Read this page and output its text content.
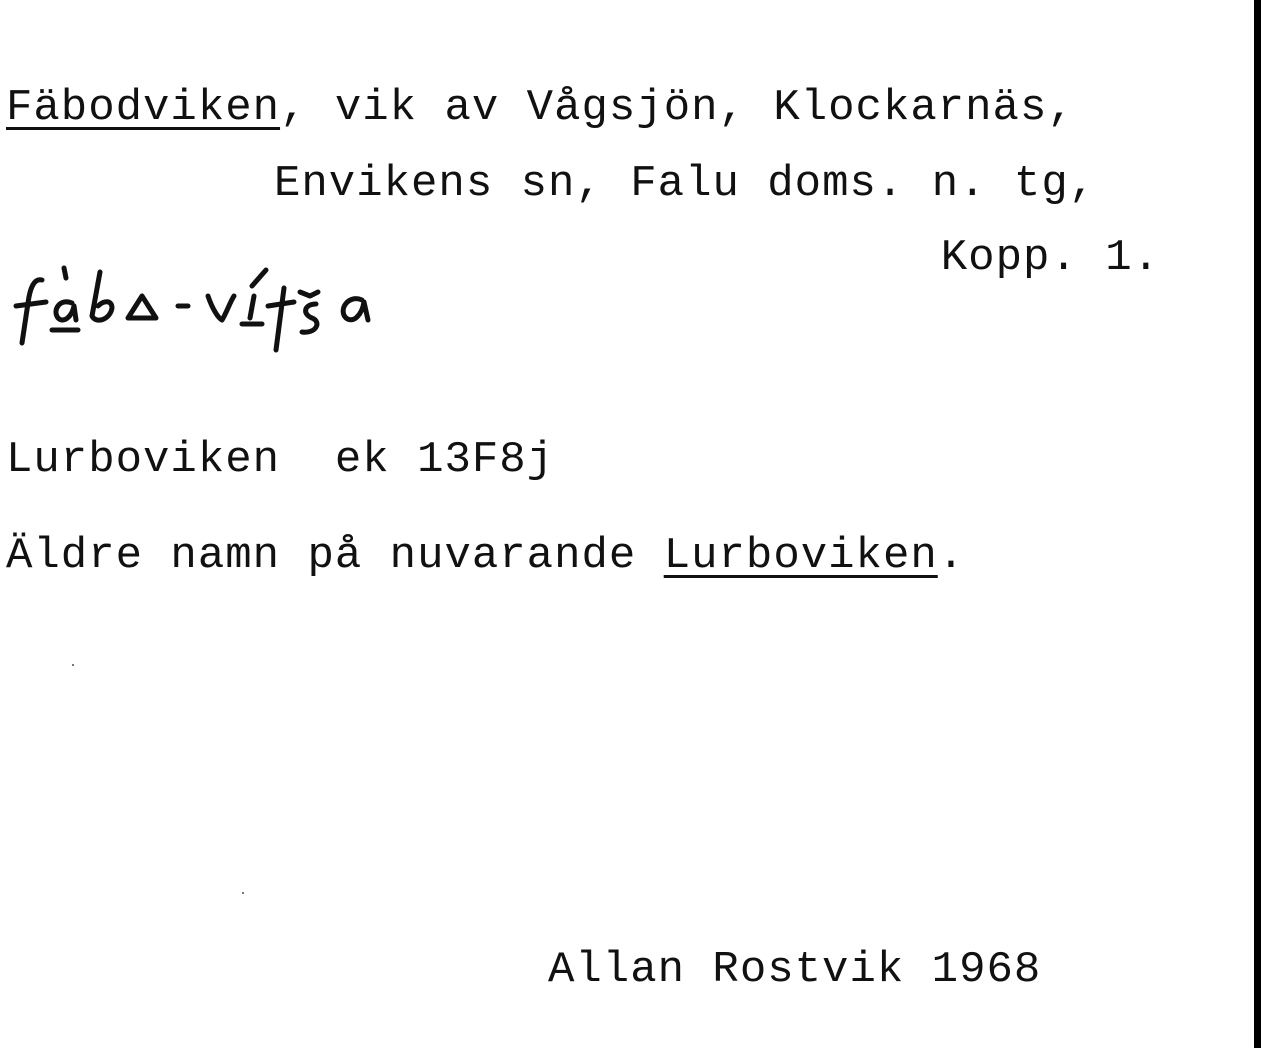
Fäbodviken, vik av Vågsjön, Klockarnäs,
Envikens sn, Falu doms. n. tg,
Kopp. 1.
Lurboviken  ek 13F8j
Äldre namn på nuvarande Lurboviken.
Allan Rostvik 1968
